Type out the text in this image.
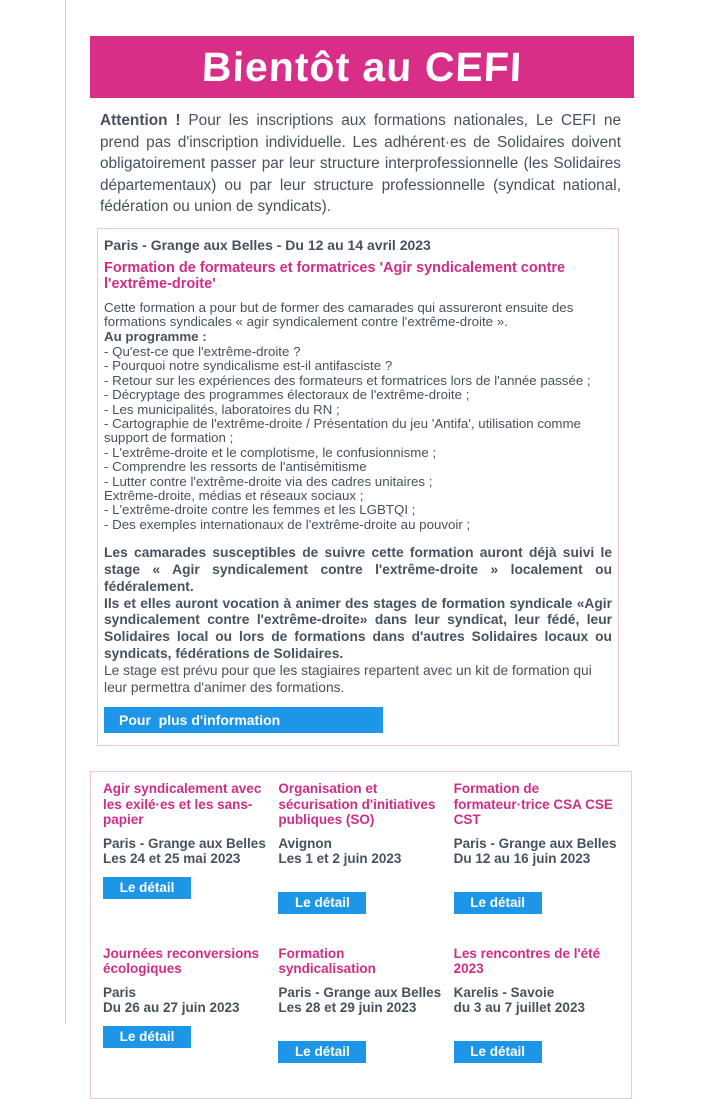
Bientôt au CEFI

Attention ! Pour les inscriptions aux formations nationales, Le CEFI ne prend pas d'inscription individuelle. Les adhérent·es de Solidaires doivent obligatoirement passer par leur structure interprofessionnelle (les Solidaires départementaux) ou par leur structure professionnelle (syndicat national, fédération ou union de syndicats).

Paris - Grange aux Belles - Du 12 au 14 avril 2023
Formation de formateurs et formatrices 'Agir syndicalement contre l'extrême-droite'
Cette formation a pour but de former des camarades qui assureront ensuite des formations syndicales « agir syndicalement contre l'extrême-droite ».
Au programme :
- Qu'est-ce que l'extrême-droite ?
- Pourquoi notre syndicalisme est-il antifasciste ?
- Retour sur les expériences des formateurs et formatrices lors de l'année passée ;
- Décryptage des programmes électoraux de l'extrême-droite ;
- Les municipalités, laboratoires du RN ;
- Cartographie de l'extrême-droite / Présentation du jeu 'Antifa', utilisation comme support de formation ;
- L'extrême-droite et le complotisme, le confusionnisme ;
- Comprendre les ressorts de l'antisémitisme
- Lutter contre l'extrême-droite via des cadres unitaires ;
Extrême-droite, médias et réseaux sociaux ;
- L'extrême-droite contre les femmes et les LGBTQI ;
- Des exemples internationaux de l'extrême-droite au pouvoir ;
Les camarades susceptibles de suivre cette formation auront déjà suivi le stage « Agir syndicalement contre l'extrême-droite » localement ou fédéralement.
Ils et elles auront vocation à animer des stages de formation syndicale «Agir syndicalement contre l'extrême-droite» dans leur syndicat, leur fédé, leur Solidaires local ou lors de formations dans d'autres Solidaires locaux ou syndicats, fédérations de Solidaires.
Le stage est prévu pour que les stagiaires repartent avec un kit de formation qui leur permettra d'animer des formations.
Pour  plus d'information
Agir syndicalement avec les exilé·es et les sans-papier
Paris - Grange aux Belles
Les 24 et 25 mai 2023
Le détail
Organisation et sécurisation d'initiatives publiques (SO)
Avignon
Les 1 et 2 juin 2023
Le détail
Formation de formateur·trice CSA CSE CST
Paris - Grange aux Belles
Du 12 au 16 juin 2023
Le détail
Journées reconversions écologiques
Paris
Du 26 au 27 juin 2023
Le détail
Formation syndicalisation
Paris - Grange aux Belles
Les 28 et 29 juin 2023
Le détail
Les rencontres de l'été 2023
Karelis - Savoie
du 3 au 7 juillet 2023
Le détail
